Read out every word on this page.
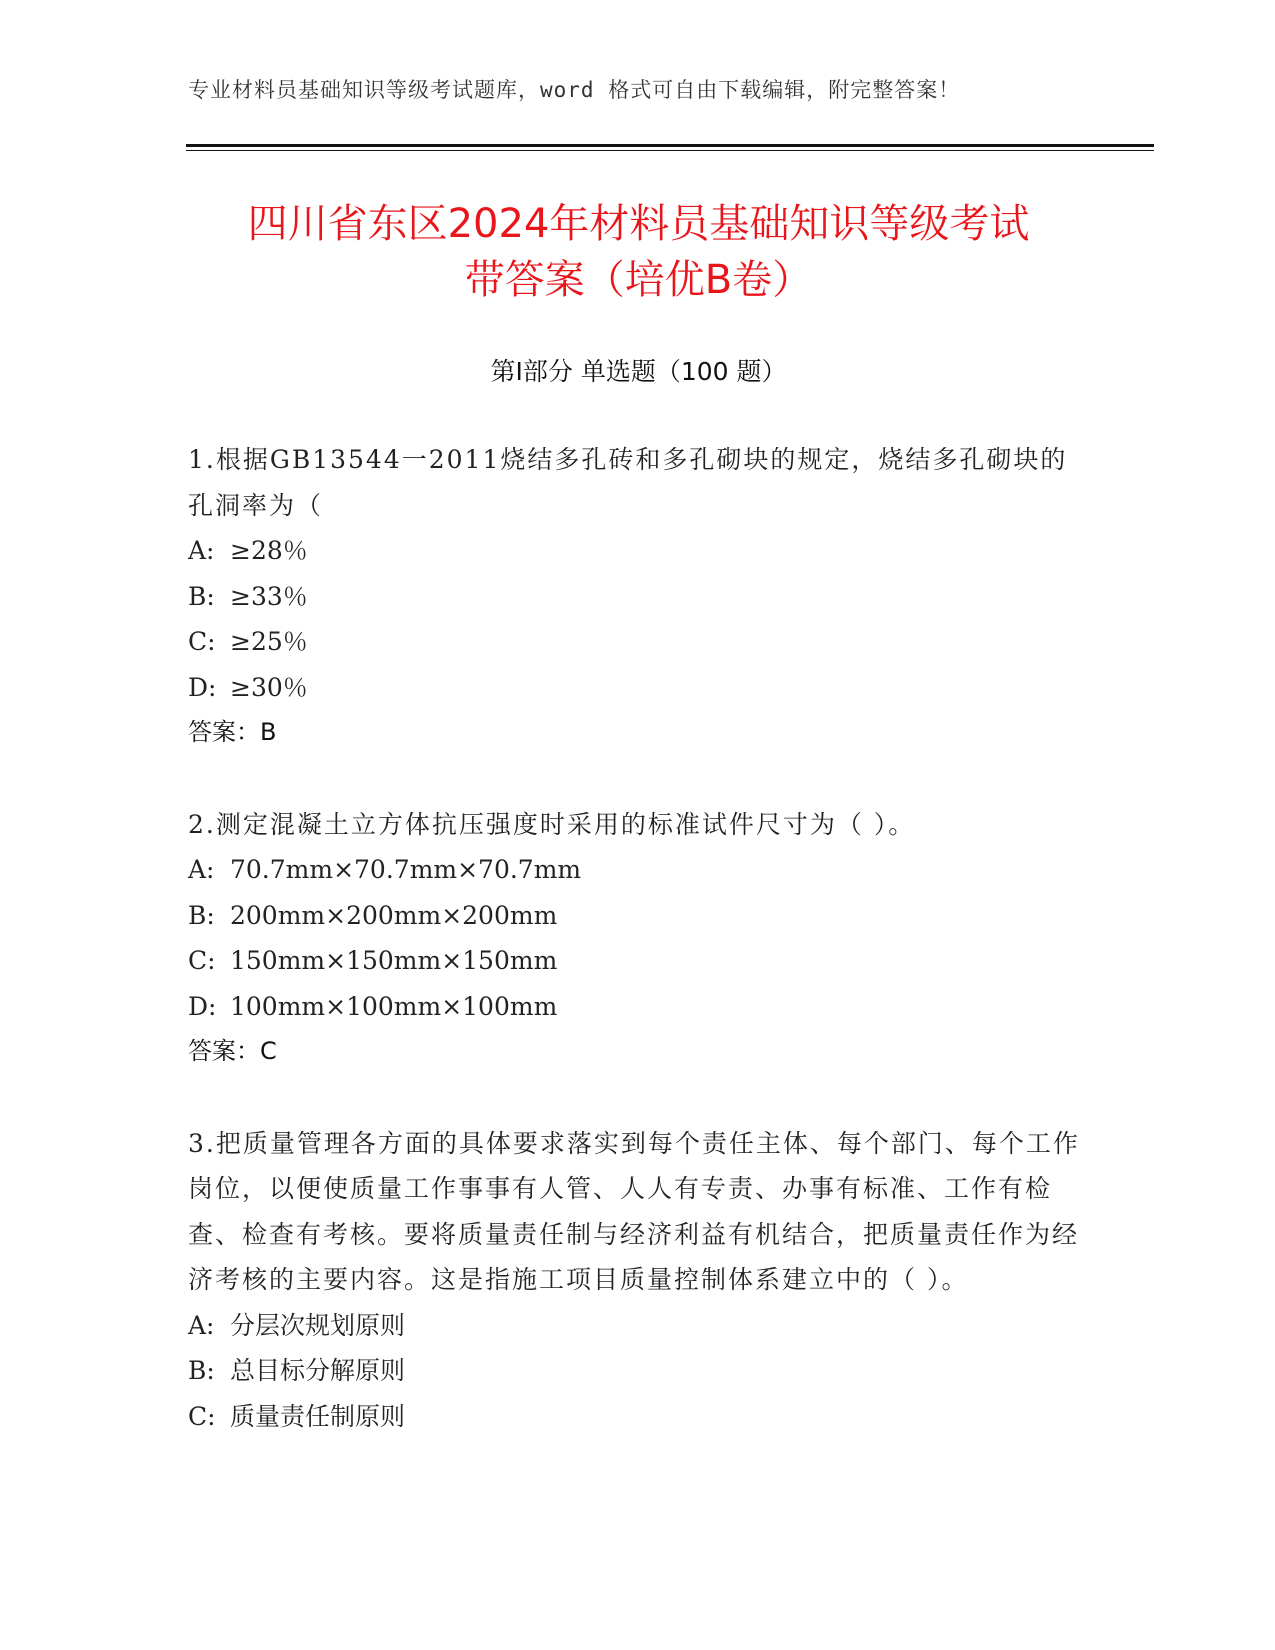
专业材料员基础知识等级考试题库，word 格式可自由下载编辑，附完整答案！
四川省东区2024年材料员基础知识等级考试
带答案（培优B卷）
第Ⅰ部分 单选题（100 题）
1.根据GB13544一2011烧结多孔砖和多孔砌块的规定，烧结多孔砌块的孔洞率为（
A: ≥28％
B: ≥33％
C: ≥25％
D: ≥30％
答案：B
2.测定混凝土立方体抗压强度时采用的标准试件尺寸为（ ）。
A: 70.7mm×70.7mm×70.7mm
B: 200mm×200mm×200mm
C: 150mm×150mm×150mm
D: 100mm×100mm×100mm
答案：C
3.把质量管理各方面的具体要求落实到每个责任主体、每个部门、每个工作岗位，以便使质量工作事事有人管、人人有专责、办事有标准、工作有检查、检查有考核。要将质量责任制与经济利益有机结合，把质量责任作为经济考核的主要内容。这是指施工项目质量控制体系建立中的（ ）。
A: 分层次规划原则
B: 总目标分解原则
C: 质量责任制原则
